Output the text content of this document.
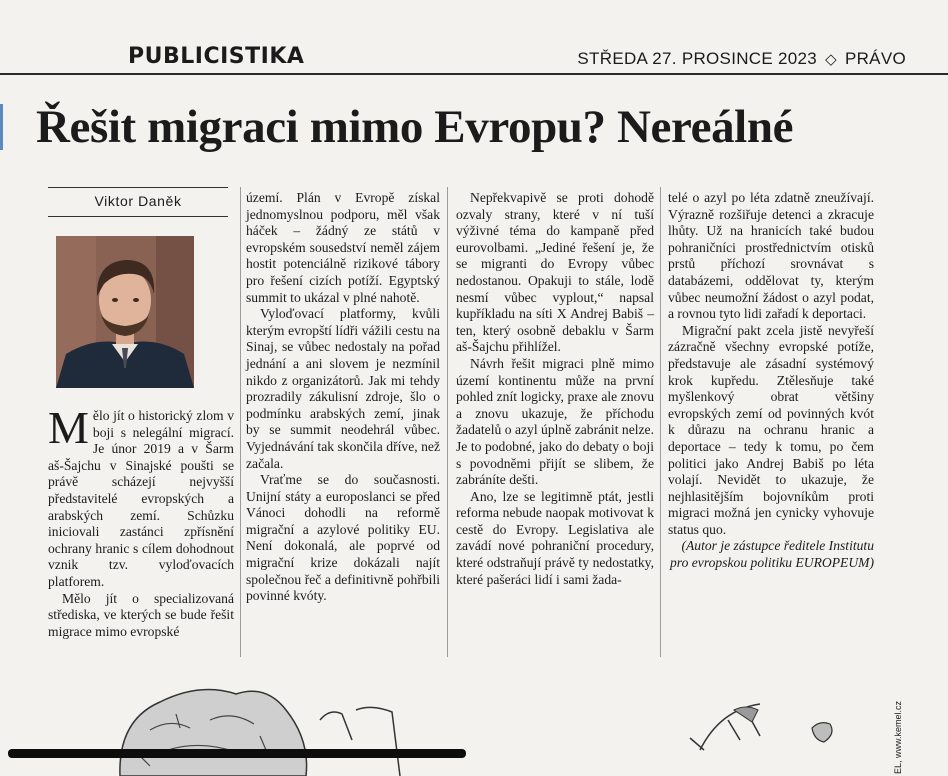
PUBLICISTIKA	STŘEDA 27. PROSINCE 2023 ◇ PRÁVO
Řešit migraci mimo Evropu? Nereálné
Viktor Daněk

Mělo jít o historický zlom v boji s nelegální migrací. Je únor 2019 a v Šarm aš-Šajchu v Sinajské poušti se právě scházejí nejvyšší představitelé evropských a arabských zemí. Schůzku iniciovali zastánci zpřísnění ochrany hranic s cílem dohodnout vznik tzv. vyloďovacích platforem.

Mělo jít o specializovaná střediska, ve kterých se bude řešit migrace mimo evropské

území. Plán v Evropě získal jednomyslnou podporu, měl však háček – žádný ze států v evropském sousedství neměl zájem hostit potenciálně rizikové tábory pro řešení cizích potíží. Egyptský summit to ukázal v plné nahotě.

Vyloďovací platformy, kvůli kterým evropští lídři vážili cestu na Sinaj, se vůbec nedostaly na pořad jednání a ani slovem je nezmínil nikdo z organizátorů. Jak mi tehdy prozradily zákulisní zdroje, šlo o podmínku arabských zemí, jinak by se summit neodehrál vůbec. Vyjednávání tak skončila dříve, než začala.

Vraťme se do současnosti. Unijní státy a europoslanci se před Vánoci dohodli na reformě migrační a azylové politiky EU. Není dokonalá, ale poprvé od migrační krize dokázali najít společnou řeč a definitivně pohřbili povinné kvóty.

Nepřekvapivě se proti dohodě ozvaly strany, které v ní tuší výživné téma do kampaně před eurovolbami. „Jediné řešení je, že se migranti do Evropy vůbec nedostanou. Opakuji to stále, lodě nesmí vůbec vyplout,“ napsal kupříkladu na síti X Andrej Babiš – ten, který osobně debaklu v Šarm aš-Šajchu přihlížel.

Návrh řešit migraci plně mimo území kontinentu může na první pohled znít logicky, praxe ale znovu a znovu ukazuje, že příchodu žadatelů o azyl úplně zabránit nelze. Je to podobné, jako do debaty o boji s povodněmi přijít se slibem, že zabráníte dešti.

Ano, lze se legitimně ptát, jestli reforma nebude naopak motivovat k cestě do Evropy. Legislativa ale zavádí nové pohraniční procedury, které odstraňují právě ty nedostatky, které pašeráci lidí i sami žada-

telé o azyl po léta zdatně zneužívají. Výrazně rozšiřuje detenci a zkracuje lhůty. Už na hranicích také budou pohraničníci prostřednictvím otisků prstů příchozí srovnávat s databázemi, oddělovat ty, kterým vůbec neumožní žádost o azyl podat, a rovnou tyto lidi zařadí k deportaci.

Migrační pakt zcela jistě nevyřeší zázračně všechny evropské potíže, představuje ale zásadní systémový krok kupředu. Ztělesňuje také myšlenkový obrat většiny evropských zemí od povinných kvót k důrazu na ochranu hranic a deportace – tedy k tomu, po čem politici jako Andrej Babiš po léta volají. Nevidět to ukazuje, že nejhlasitějším bojovníkům proti migraci možná jen cynicky vyhovuje status quo.

(Autor je zástupce ředitele Institutu pro evropskou politiku EUROPEUM)

EL, www.kemel.cz
